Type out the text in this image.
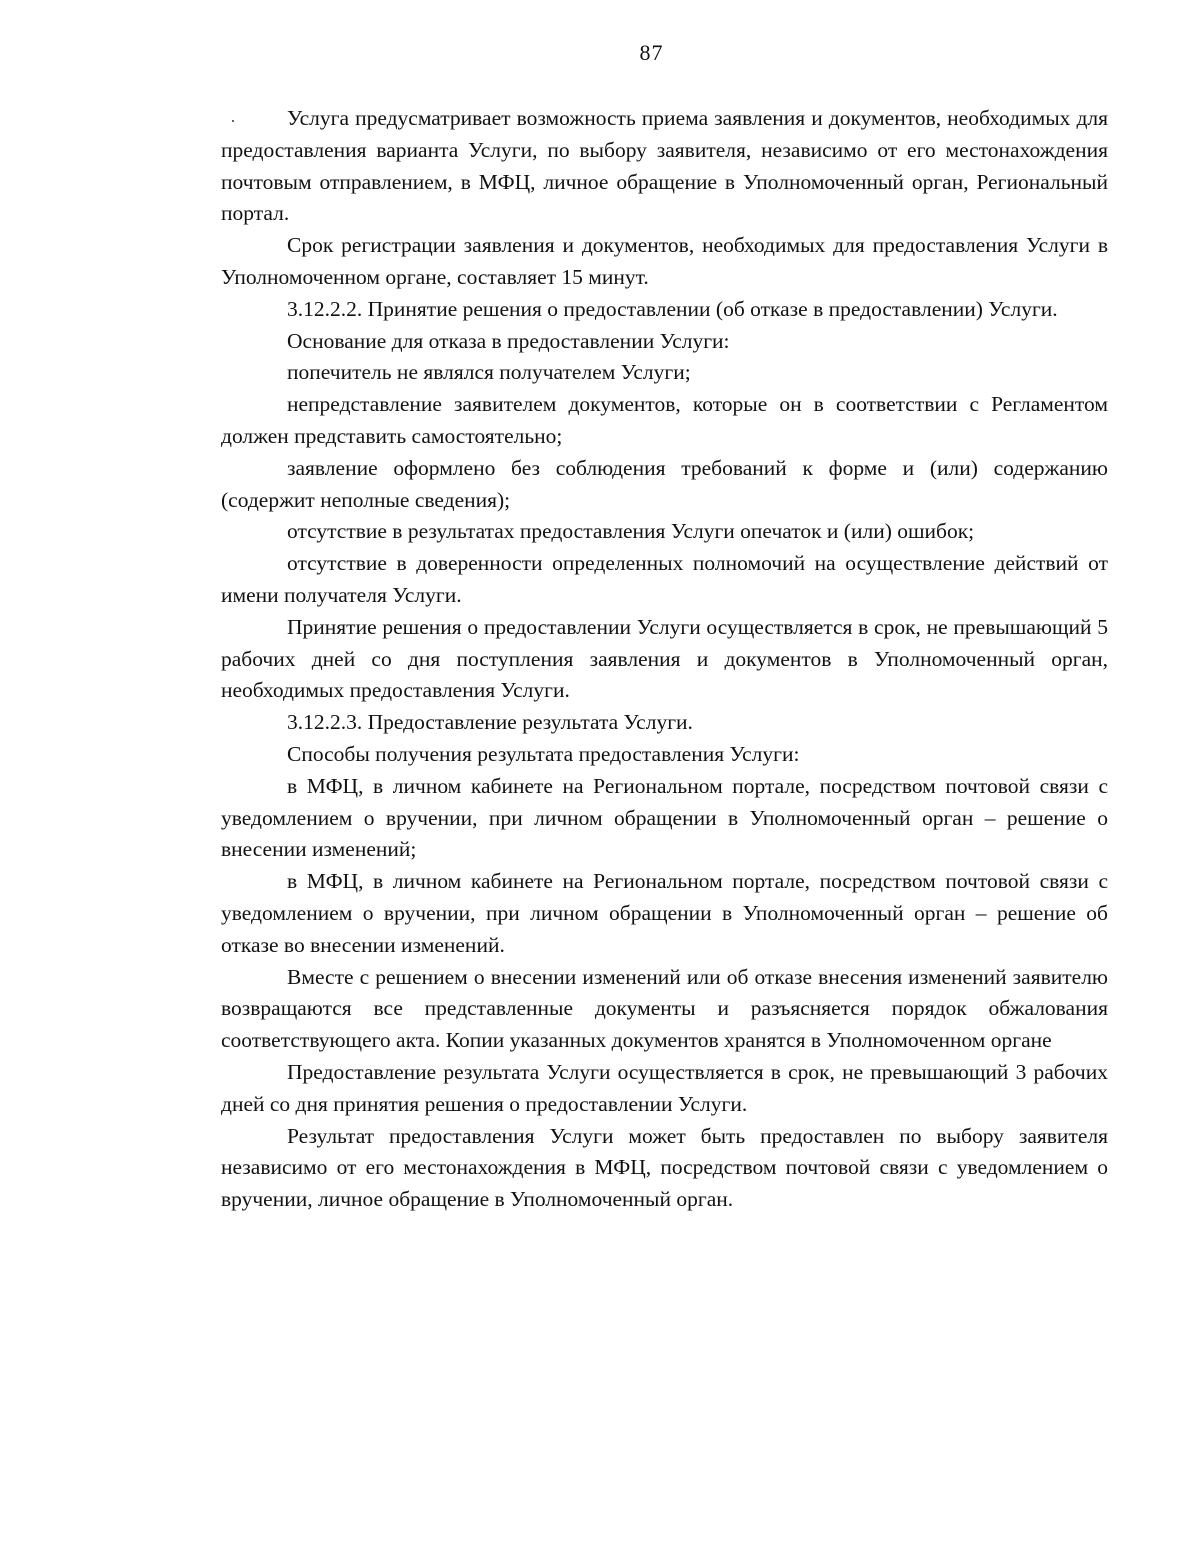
87

Услуга предусматривает возможность приема заявления и документов, необходимых для предоставления варианта Услуги, по выбору заявителя, независимо от его местонахождения почтовым отправлением, в МФЦ, личное обращение в Уполномоченный орган, Региональный портал.

Срок регистрации заявления и документов, необходимых для предоставления Услуги в Уполномоченном органе, составляет 15 минут.

3.12.2.2. Принятие решения о предоставлении (об отказе в предоставлении) Услуги.

Основание для отказа в предоставлении Услуги:

попечитель не являлся получателем Услуги;

непредставление заявителем документов, которые он в соответствии с Регламентом должен представить самостоятельно;

заявление оформлено без соблюдения требований к форме и (или) содержанию (содержит неполные сведения);

отсутствие в результатах предоставления Услуги опечаток и (или) ошибок;

отсутствие в доверенности определенных полномочий на осуществление действий от имени получателя Услуги.

Принятие решения о предоставлении Услуги осуществляется в срок, не превышающий 5 рабочих дней со дня поступления заявления и документов в Уполномоченный орган, необходимых предоставления Услуги.

3.12.2.3. Предоставление результата Услуги.

Способы получения результата предоставления Услуги:

в МФЦ, в личном кабинете на Региональном портале, посредством почтовой связи с уведомлением о вручении, при личном обращении в Уполномоченный орган – решение о внесении изменений;

в МФЦ, в личном кабинете на Региональном портале, посредством почтовой связи с уведомлением о вручении, при личном обращении в Уполномоченный орган – решение об отказе во внесении изменений.

Вместе с решением о внесении изменений или об отказе внесения изменений заявителю возвращаются все представленные документы и разъясняется порядок обжалования соответствующего акта. Копии указанных документов хранятся в Уполномоченном органе

Предоставление результата Услуги осуществляется в срок, не превышающий 3 рабочих дней со дня принятия решения о предоставлении Услуги.

Результат предоставления Услуги может быть предоставлен по выбору заявителя независимо от его местонахождения в МФЦ, посредством почтовой связи с уведомлением о вручении, личное обращение в Уполномоченный орган.
